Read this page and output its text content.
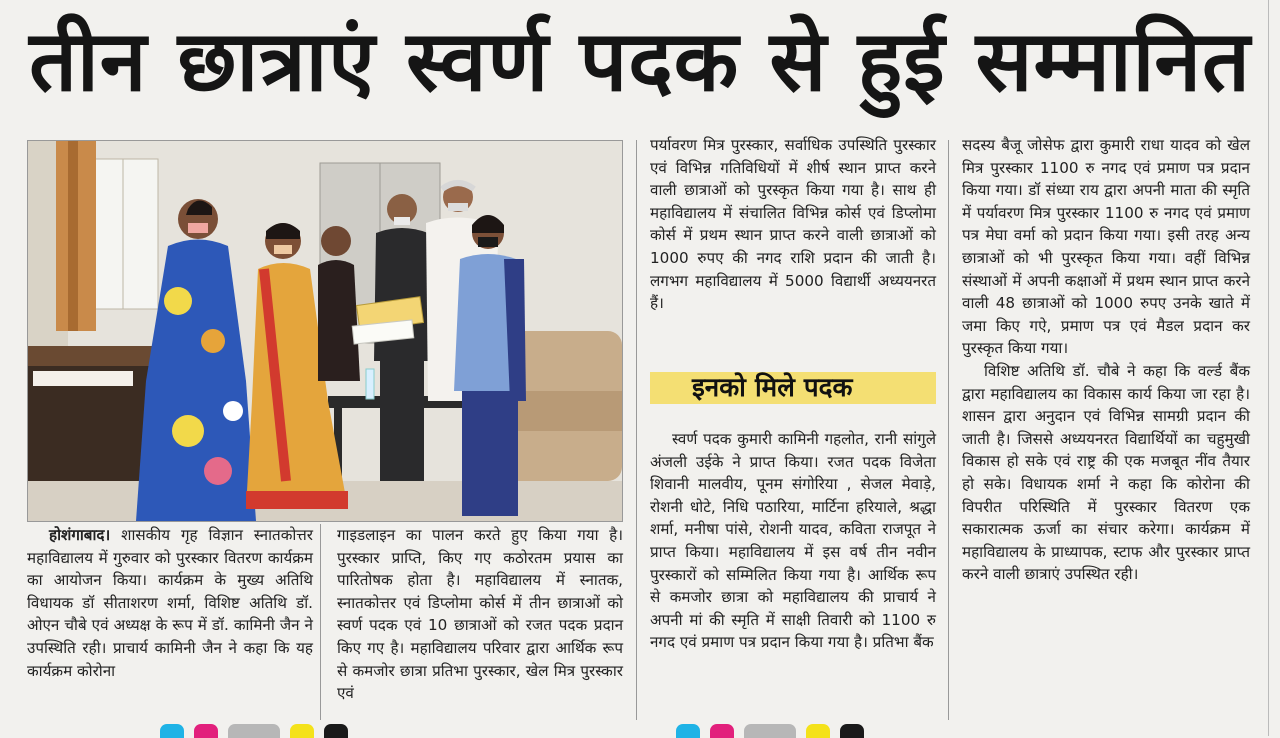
तीन छात्राएं स्वर्ण पदक से हुई सम्मानित

होशंगाबाद। शासकीय गृह विज्ञान स्नातकोत्तर महाविद्यालय में गुरुवार को पुरस्कार वितरण कार्यक्रम का आयोजन किया। कार्यक्रम के मुख्य अतिथि विधायक डॉ सीताशरण शर्मा, विशिष्ट अतिथि डॉ. ओएन चौबे एवं अध्यक्ष के रूप में डॉ. कामिनी जैन ने उपस्थिति रही। प्राचार्य कामिनी जैन ने कहा कि यह कार्यक्रम कोरोना

गाइडलाइन का पालन करते हुए किया गया है। पुरस्कार प्राप्ति, किए गए कठोरतम प्रयास का पारितोषक होता है। महाविद्यालय में स्नातक, स्नातकोत्तर एवं डिप्लोमा कोर्स में तीन छात्राओं को स्वर्ण पदक एवं 10 छात्राओं को रजत पदक प्रदान किए गए है। महाविद्यालय परिवार द्वारा आर्थिक रूप से कमजोर छात्रा प्रतिभा पुरस्कार, खेल मित्र पुरस्कार एवं

पर्यावरण मित्र पुरस्कार, सर्वाधिक उपस्थिति पुरस्कार एवं विभिन्न गतिविधियों में शीर्ष स्थान प्राप्त करने वाली छात्राओं को पुरस्कृत किया गया है। साथ ही महाविद्यालय में संचालित विभिन्न कोर्स एवं डिप्लोमा कोर्स में प्रथम स्थान प्राप्त करने वाली छात्राओं को 1000 रुपए की नगद राशि प्रदान की जाती है। लगभग महाविद्यालय में 5000 विद्यार्थी अध्ययनरत हैं।

इनको मिले पदक

स्वर्ण पदक कुमारी कामिनी गहलोत, रानी सांगुले अंजली उईके ने प्राप्त किया। रजत पदक विजेता शिवानी मालवीय, पूनम संगोरिया , सेजल मेवाड़े, रोशनी धोटे, निधि पठारिया, मार्टिना हरियाले, श्रद्धा शर्मा, मनीषा पांसे, रोशनी यादव, कविता राजपूत ने प्राप्त किया। महाविद्यालय में इस वर्ष तीन नवीन पुरस्कारों को सम्मिलित किया गया है। आर्थिक रूप से कमजोर छात्रा को महाविद्यालय की प्राचार्य ने अपनी मां की स्मृति में साक्षी तिवारी को 1100 रु नगद एवं प्रमाण पत्र प्रदान किया गया है। प्रतिभा बैंक

सदस्य बैजू जोसेफ द्वारा कुमारी राधा यादव को खेल मित्र पुरस्कार 1100 रु नगद एवं प्रमाण पत्र प्रदान किया गया। डॉ संध्या राय द्वारा अपनी माता की स्मृति में पर्यावरण मित्र पुरस्कार 1100 रु नगद एवं प्रमाण पत्र मेघा वर्मा को प्रदान किया गया। इसी तरह अन्य छात्राओं को भी पुरस्कृत किया गया। वहीं विभिन्न संस्थाओं में अपनी कक्षाओं में प्रथम स्थान प्राप्त करने वाली 48 छात्राओं को 1000 रुपए उनके खाते में जमा किए गऐ, प्रमाण पत्र एवं मैडल प्रदान कर पुरस्कृत किया गया।

विशिष्ट अतिथि डॉ. चौबे ने कहा कि वर्ल्ड बैंक द्वारा महाविद्यालय का विकास कार्य किया जा रहा है। शासन द्वारा अनुदान एवं विभिन्न सामग्री प्रदान की जाती है। जिससे अध्ययनरत विद्यार्थियों का चहुमुखी विकास हो सके एवं राष्ट्र की एक मजबूत नींव तैयार हो सके। विधायक शर्मा ने कहा कि कोरोना की विपरीत परिस्थिति में पुरस्कार वितरण एक सकारात्मक ऊर्जा का संचार करेगा। कार्यक्रम में महाविद्यालय के प्राध्यापक, स्टाफ और पुरस्कार प्राप्त करने वाली छात्राएं उपस्थित रही।
